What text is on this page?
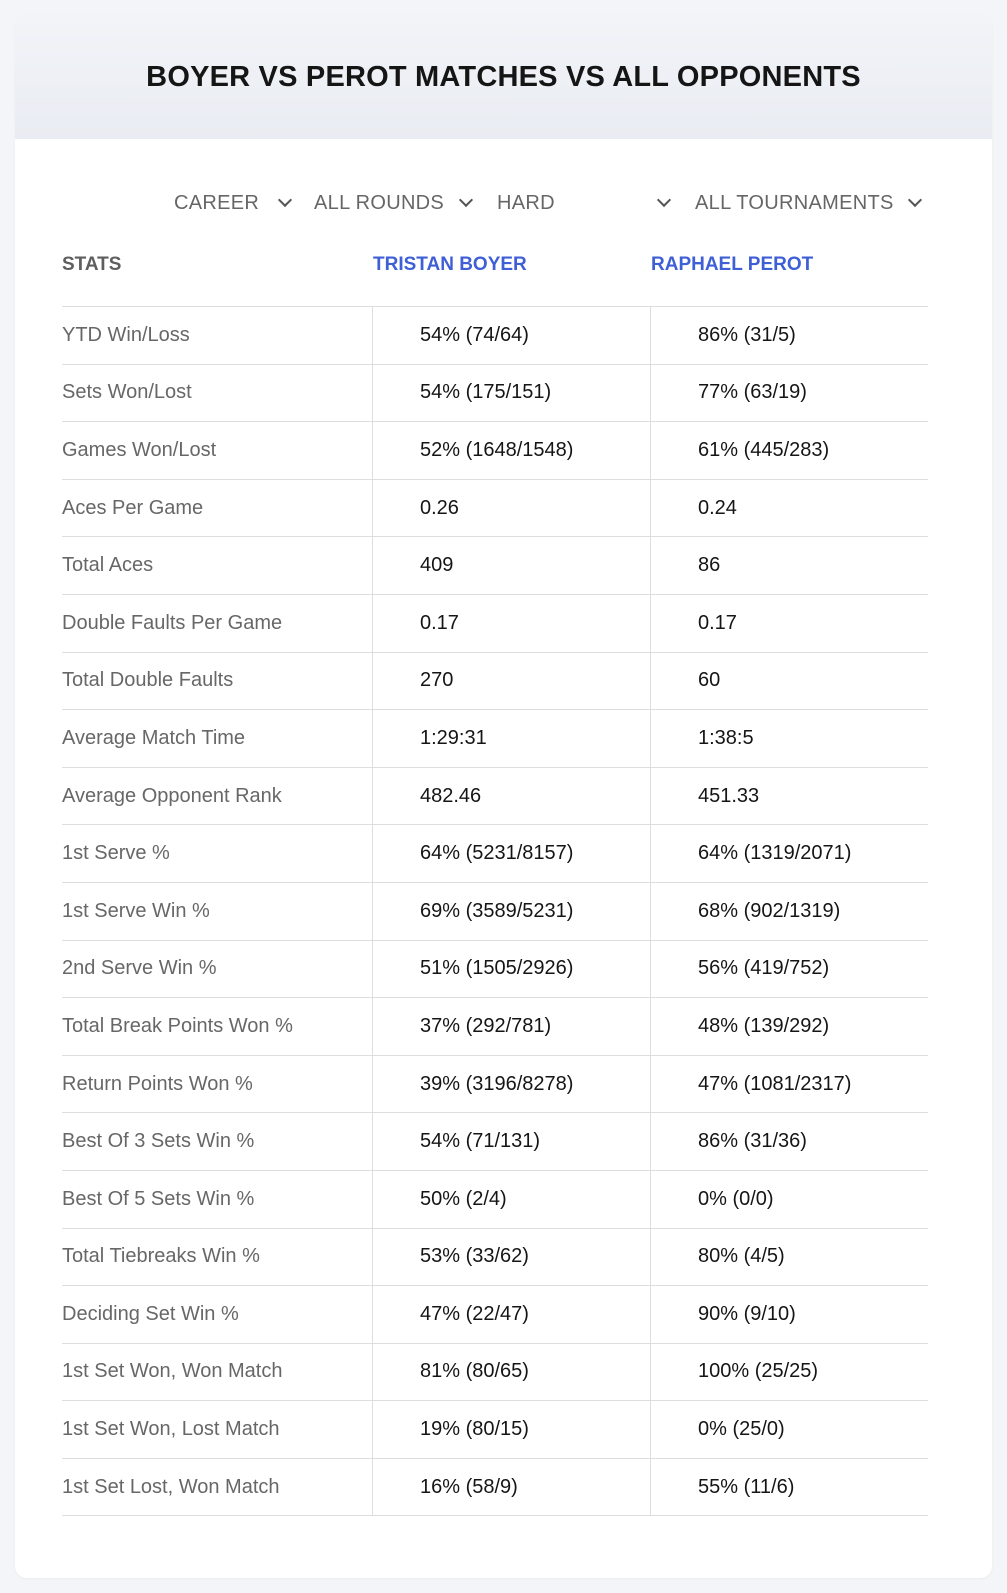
BOYER VS PEROT MATCHES VS ALL OPPONENTS
CAREER	ALL ROUNDS	HARD	ALL TOURNAMENTS
STATS	TRISTAN BOYER	RAPHAEL PEROT
YTD Win/Loss	54% (74/64)	86% (31/5)
Sets Won/Lost	54% (175/151)	77% (63/19)
Games Won/Lost	52% (1648/1548)	61% (445/283)
Aces Per Game	0.26	0.24
Total Aces	409	86
Double Faults Per Game	0.17	0.17
Total Double Faults	270	60
Average Match Time	1:29:31	1:38:5
Average Opponent Rank	482.46	451.33
1st Serve %	64% (5231/8157)	64% (1319/2071)
1st Serve Win %	69% (3589/5231)	68% (902/1319)
2nd Serve Win %	51% (1505/2926)	56% (419/752)
Total Break Points Won %	37% (292/781)	48% (139/292)
Return Points Won %	39% (3196/8278)	47% (1081/2317)
Best Of 3 Sets Win %	54% (71/131)	86% (31/36)
Best Of 5 Sets Win %	50% (2/4)	0% (0/0)
Total Tiebreaks Win %	53% (33/62)	80% (4/5)
Deciding Set Win %	47% (22/47)	90% (9/10)
1st Set Won, Won Match	81% (80/65)	100% (25/25)
1st Set Won, Lost Match	19% (80/15)	0% (25/0)
1st Set Lost, Won Match	16% (58/9)	55% (11/6)
